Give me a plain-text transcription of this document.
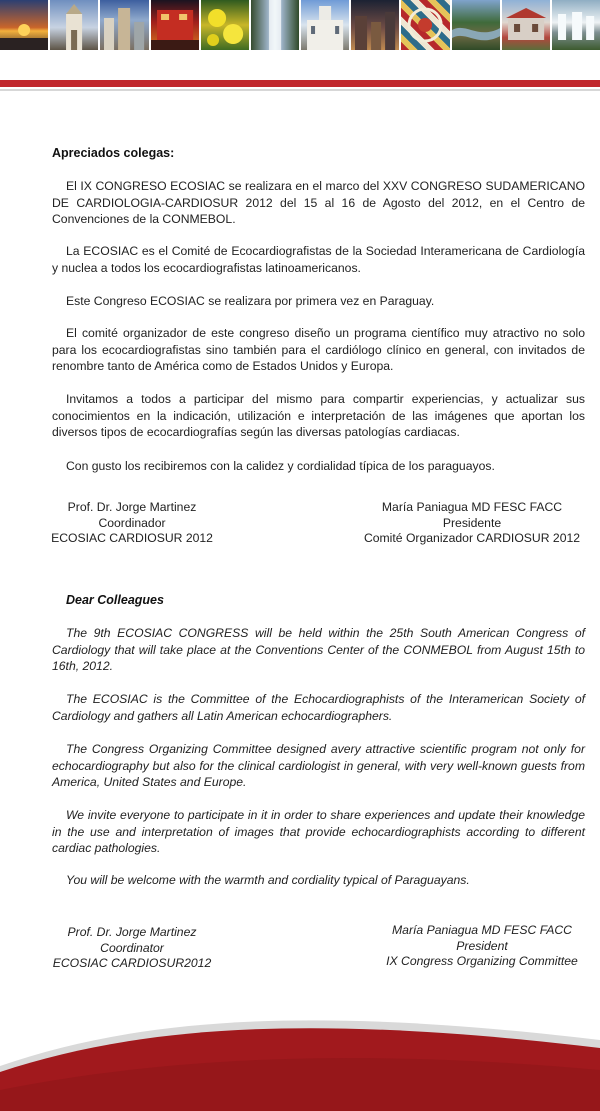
Apreciados colegas:

El IX CONGRESO ECOSIAC se realizara en el marco del XXV CONGRESO SUDAMERICANO DE CARDIOLOGIA-CARDIOSUR 2012 del 15 al 16 de Agosto del 2012, en el Centro de Convenciones de la CONMEBOL.

La ECOSIAC es el Comité de Ecocardiografistas de la Sociedad Interamericana de Cardiología y nuclea a todos los ecocardiografistas latinoamericanos.

Este Congreso ECOSIAC se realizara por primera vez en Paraguay.

El comité organizador de este congreso diseño un programa científico muy atractivo no solo para los ecocardiografistas sino también para el cardiólogo clínico en general, con invitados de renombre tanto de América como de Estados Unidos y Europa.

Invitamos a todos a participar del mismo para compartir experiencias, y actualizar sus conocimientos en la indicación, utilización e interpretación de las imágenes que aportan los diversos tipos de ecocardiografías según las diversas patologías cardiacas.

Con gusto los recibiremos con la calidez y cordialidad típica de los paraguayos.

Prof. Dr. Jorge Martinez
Coordinador
ECOSIAC CARDIOSUR 2012
María Paniagua MD FESC FACC
Presidente
Comité Organizador CARDIOSUR 2012

Dear Colleagues

The 9th ECOSIAC CONGRESS will be held within the 25th South American Congress of Cardiology that will take place at the Conventions Center of the CONMEBOL from August 15th to 16th, 2012.

The ECOSIAC is the Committee of the Echocardiographists of the Interamerican Society of Cardiology and gathers all Latin American echocardiographers.

The Congress Organizing Committee designed avery attractive scientific program not only for echocardiography but also for the clinical cardiologist in general, with very well-known guests from America, United States and Europe.

We invite everyone to participate in it in order to share experiences and update their knowledge in the use and interpretation of images that provide echocardiographists according to different cardiac pathologies.

You will be welcome with the warmth and cordiality typical of Paraguayans.

Prof. Dr. Jorge Martinez
Coordinator
ECOSIAC CARDIOSUR2012
María Paniagua MD FESC FACC
President
IX Congress Organizing Committee
